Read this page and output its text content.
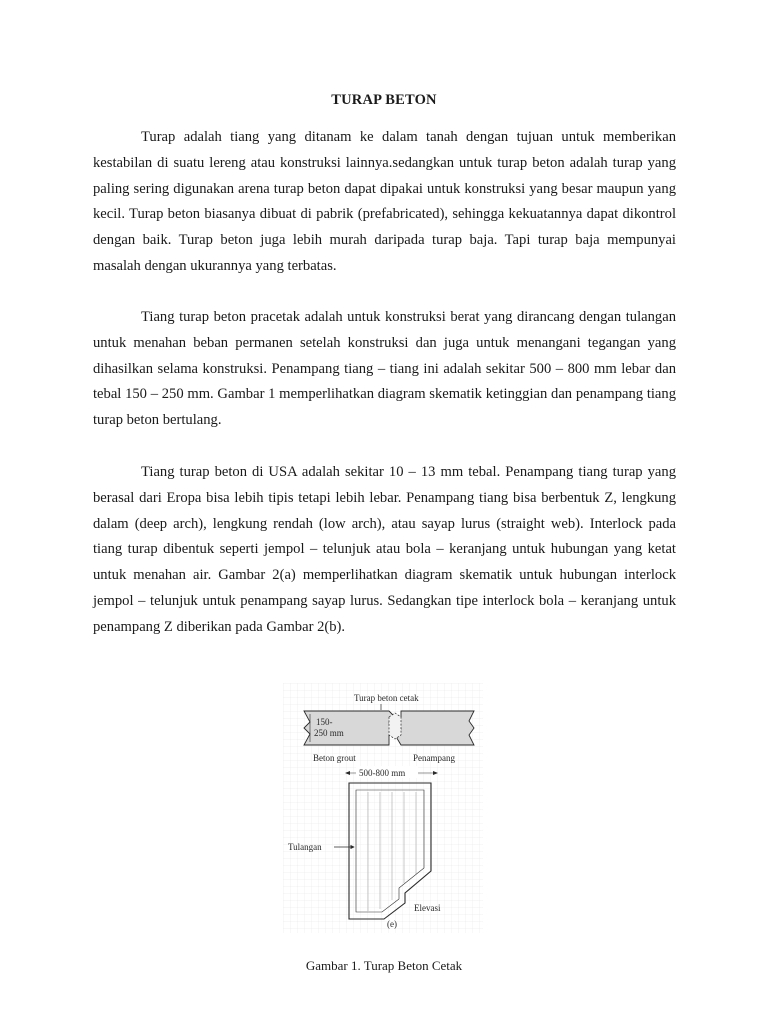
TURAP BETON

Turap adalah tiang yang ditanam ke dalam tanah dengan tujuan untuk memberikan kestabilan di suatu lereng atau konstruksi lainnya.sedangkan untuk turap beton adalah turap yang paling sering digunakan arena turap beton dapat dipakai untuk konstruksi yang besar maupun yang kecil. Turap beton biasanya dibuat di pabrik (prefabricated), sehingga kekuatannya dapat dikontrol dengan baik. Turap beton juga lebih murah daripada turap baja. Tapi turap baja mempunyai masalah dengan ukurannya yang terbatas.

Tiang turap beton pracetak adalah untuk konstruksi berat yang dirancang dengan tulangan untuk menahan beban permanen setelah konstruksi dan juga untuk menangani tegangan yang dihasilkan selama konstruksi. Penampang tiang – tiang ini adalah sekitar 500 – 800 mm lebar dan tebal 150 – 250 mm. Gambar 1 memperlihatkan diagram skematik ketinggian dan penampang tiang turap beton bertulang.

Tiang turap beton di USA adalah sekitar 10 – 13 mm tebal. Penampang tiang turap yang berasal dari Eropa bisa lebih tipis tetapi lebih lebar. Penampang tiang bisa berbentuk Z, lengkung dalam (deep arch), lengkung rendah (low arch), atau sayap lurus (straight web). Interlock pada tiang turap dibentuk seperti jempol – telunjuk atau bola – keranjang untuk hubungan yang ketat untuk menahan air. Gambar 2(a) memperlihatkan diagram skematik untuk hubungan interlock jempol – telunjuk untuk penampang sayap lurus. Sedangkan tipe interlock bola – keranjang untuk penampang Z diberikan pada Gambar 2(b).

Turap beton cetak
150-
250 mm
Beton grout	Penampang
500-800 mm
Tulangan
Elevasi
(e)
Gambar 1. Turap Beton Cetak
